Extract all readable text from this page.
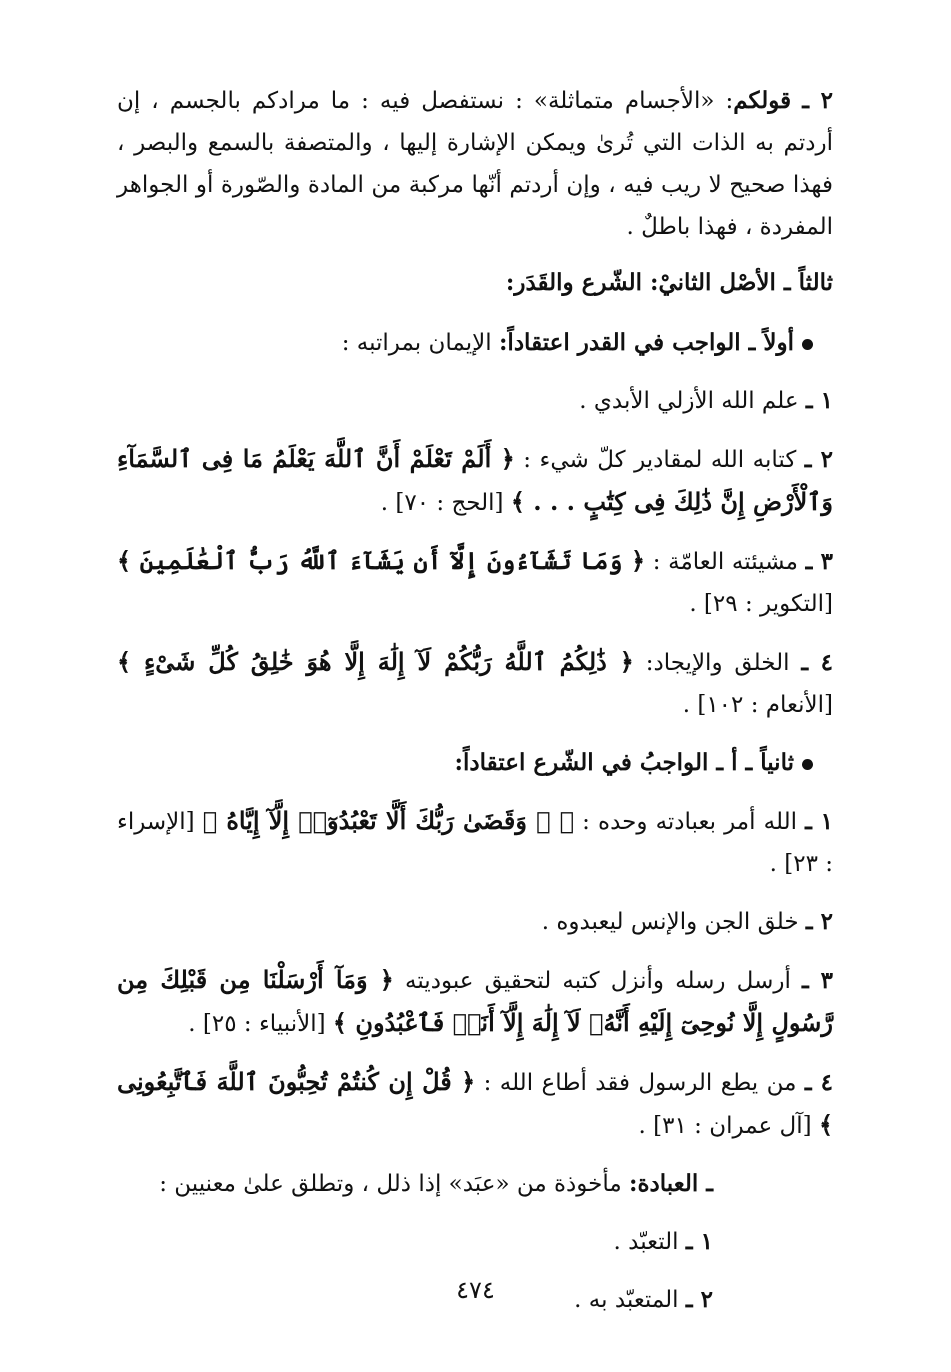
٢ ـ قولكم: «الأجسام متماثلة» : نستفصل فيه : ما مرادكم بالجسم ، إن أردتم به الذات التي تُرىٰ ويمكن الإشارة إليها ، والمتصفة بالسمع والبصر ، فهذا صحيح لا ريب فيه ، وإن أردتم أنّها مركبة من المادة والصّورة أو الجواهر المفردة ، فهذا باطلٌ .

ثالثاً ـ الأصْل الثانيْ: الشّرع والقَدَر:

أولاً ـ الواجب في القدر اعتقاداً: الإيمان بمراتبه :

١ ـ علم الله الأزلي الأبدي .

٢ ـ كتابه الله لمقادير كلّ شيء : ﴿ أَلَمْ تَعْلَمْ أَنَّ ٱللَّهَ يَعْلَمُ مَا فِى ٱلسَّمَآءِ وَٱلْأَرْضِ إِنَّ ذَٰلِكَ فِى كِتَٰبٍ . . . ﴾ [الحج : ٧٠] .

٣ ـ مشيئته العامّة : ﴿ وَمَا تَشَآءُونَ إِلَّآ أَن يَشَآءَ ٱللَّهُ رَبُّ ٱلْعَٰلَمِينَ ﴾ [التكوير : ٢٩] .

٤ ـ الخلق والإيجاد: ﴿ ذَٰلِكُمُ ٱللَّهُ رَبُّكُمْ لَآ إِلَٰهَ إِلَّا هُوَ خَٰلِقُ كُلِّ شَىْءٍ ﴾ [الأنعام : ١٠٢] .

ثانياً ـ أ ـ الواجبُ في الشّرع اعتقاداً:

١ ـ الله أمر بعبادته وحده : ﴿ ۞ وَقَضَىٰ رَبُّكَ أَلَّا تَعْبُدُوٓا۟ إِلَّآ إِيَّاهُ ﴾ [الإسراء : ٢٣] .

٢ ـ خلق الجن والإنس ليعبدوه .

٣ ـ أرسل رسله وأنزل كتبه لتحقيق عبوديته ﴿ وَمَآ أَرْسَلْنَا مِن قَبْلِكَ مِن رَّسُولٍ إِلَّا نُوحِىٓ إِلَيْهِ أَنَّهُۥ لَآ إِلَٰهَ إِلَّآ أَنَا۠ فَٱعْبُدُونِ ﴾ [الأنبياء : ٢٥] .

٤ ـ من يطع الرسول فقد أطاع الله : ﴿ قُلْ إِن كُنتُمْ تُحِبُّونَ ٱللَّهَ فَٱتَّبِعُونِى ﴾ [آل عمران : ٣١] .

ـ العبادة: مأخوذة من «عبَد» إذا ذلل ، وتطلق علىٰ معنيين :

١ ـ التعبّد .

٢ ـ المتعبّد به .

٤٧٤
